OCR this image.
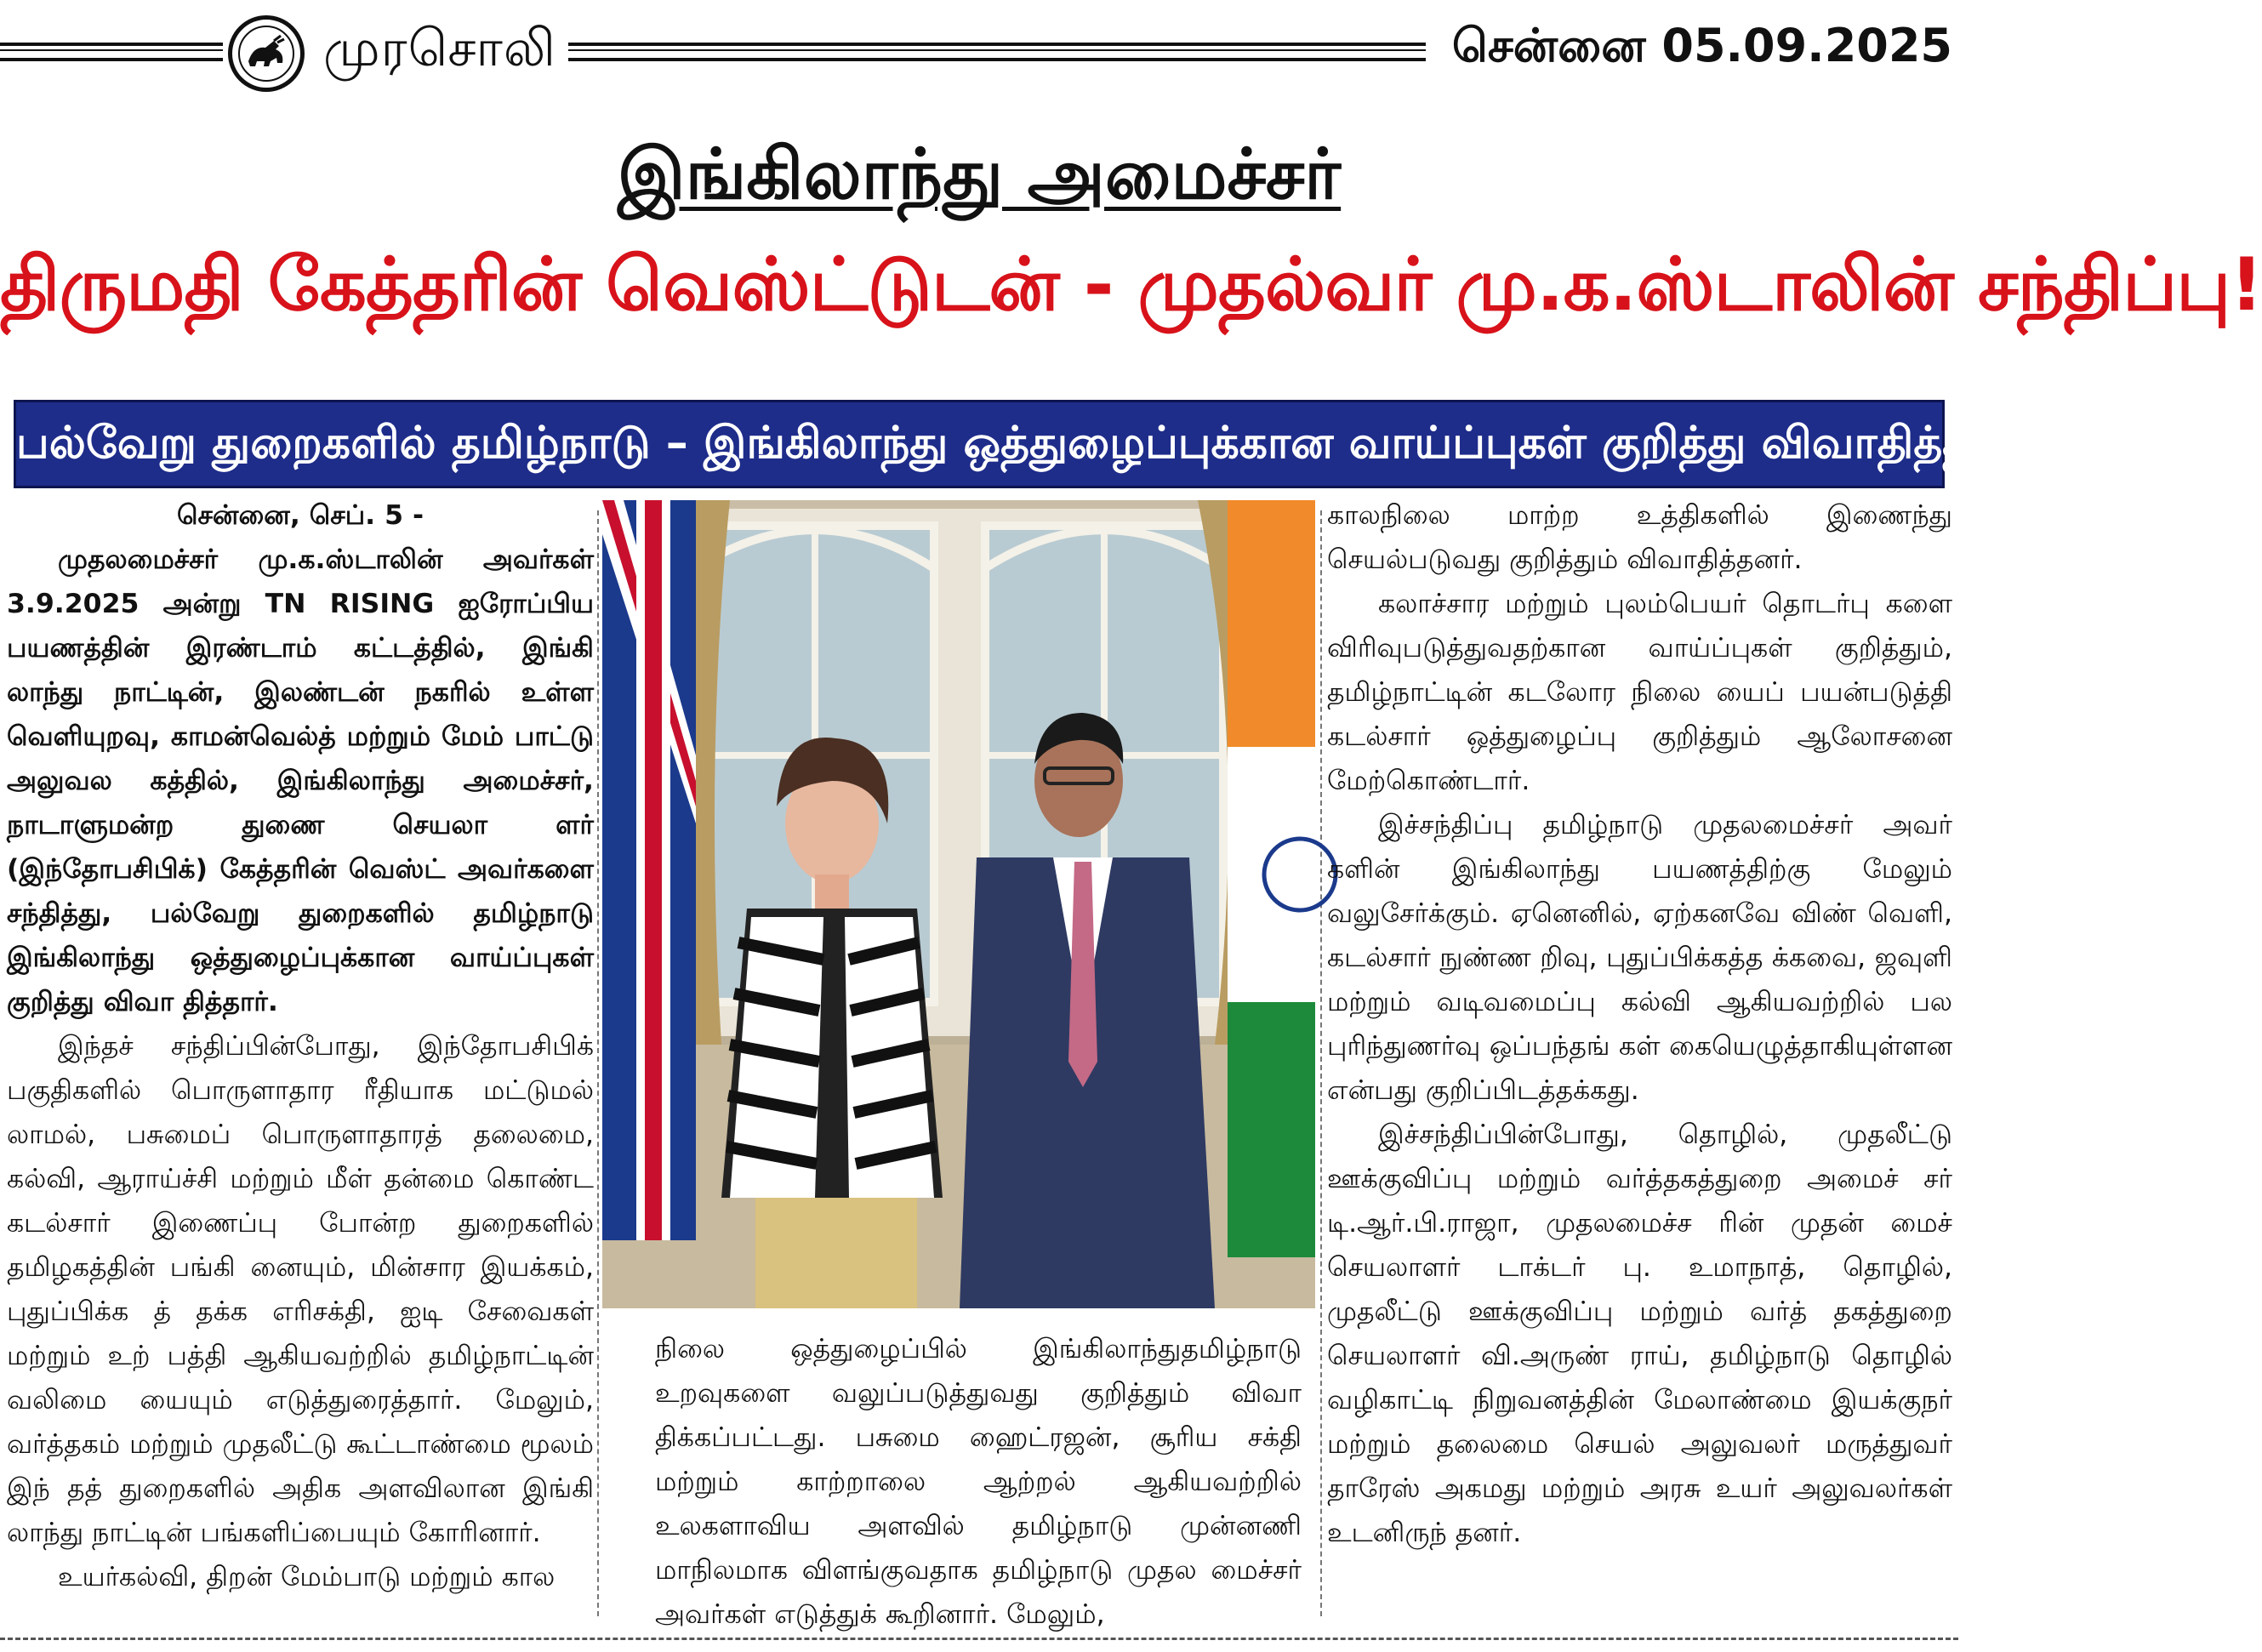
முரசொலி	சென்னை 05.09.2025
இங்கிலாந்து அமைச்சர்
திருமதி கேத்தரின் வெஸ்ட்டுடன் - முதல்வர் மு.க.ஸ்டாலின் சந்திப்பு!
பல்வேறு துறைகளில் தமிழ்நாடு – இங்கிலாந்து ஒத்துழைப்புக்கான வாய்ப்புகள் குறித்து விவாதித்தார்!

சென்னை, செப். 5 -

முதலமைச்சர் மு.க.ஸ்டாலின் அவர்கள் 3.9.2025 அன்று TN RISING ஐரோப்பிய பயணத்தின் இரண்டாம் கட்டத்தில், இங்கி லாந்து நாட்டின், இலண்டன் நகரில் உள்ள வெளியுறவு, காமன்வெல்த் மற்றும் மேம் பாட்டு அலுவல கத்தில், இங்கிலாந்து அமைச்சர், நாடாளுமன்ற துணை செயலா ளர் (இந்தோபசிபிக்) கேத்தரின் வெஸ்ட் அவர்களை சந்தித்து, பல்வேறு துறைகளில் தமிழ்நாடு இங்கிலாந்து ஒத்துழைப்புக்கான வாய்ப்புகள் குறித்து விவா தித்தார்.

இந்தச் சந்திப்பின்போது, இந்தோபசிபிக் பகுதிகளில் பொருளாதார ரீதியாக மட்டுமல் லாமல், பசுமைப் பொருளாதாரத் தலைமை, கல்வி, ஆராய்ச்சி மற்றும் மீள் தன்மை கொண்ட கடல்சார் இணைப்பு போன்ற துறைகளில் தமிழகத்தின் பங்கி னையும், மின்சார இயக்கம், புதுப்பிக்க த் தக்க எரிசக்தி, ஐடி சேவைகள் மற்றும் உற் பத்தி ஆகியவற்றில் தமிழ்நாட்டின் வலிமை யையும் எடுத்துரைத்தார். மேலும், வர்த்தகம் மற்றும் முதலீட்டு கூட்டாண்மை மூலம் இந் தத் துறைகளில் அதிக அளவிலான இங்கி லாந்து நாட்டின் பங்களிப்பையும் கோரினார்.

உயர்கல்வி, திறன் மேம்பாடு மற்றும் கால

நிலை ஒத்துழைப்பில் இங்கிலாந்துதமிழ்நாடு உறவுகளை வலுப்படுத்துவது குறித்தும் விவா திக்கப்பட்டது. பசுமை ஹைட்ரஜன், சூரிய சக்தி மற்றும் காற்றாலை ஆற்றல் ஆகியவற்றில் உலகளாவிய அளவில் தமிழ்நாடு முன்னணி மாநிலமாக விளங்குவதாக தமிழ்நாடு முதல மைச்சர் அவர்கள் எடுத்துக் கூறினார். மேலும்,

காலநிலை மாற்ற உத்திகளில் இணைந்து செயல்படுவது குறித்தும் விவாதித்தனர்.

கலாச்சார மற்றும் புலம்பெயர் தொடர்பு களை விரிவுபடுத்துவதற்கான வாய்ப்புகள் குறித்தும், தமிழ்நாட்டின் கடலோர நிலை யைப் பயன்படுத்தி கடல்சார் ஒத்துழைப்பு குறித்தும் ஆலோசனை மேற்கொண்டார்.

இச்சந்திப்பு தமிழ்நாடு முதலமைச்சர் அவர் களின் இங்கிலாந்து பயணத்திற்கு மேலும் வலுசேர்க்கும். ஏனெனில், ஏற்கனவே விண் வெளி, கடல்சார் நுண்ண றிவு, புதுப்பிக்கத்த க்கவை, ஜவுளி மற்றும் வடிவமைப்பு கல்வி ஆகியவற்றில் பல புரிந்துணர்வு ஒப்பந்தங் கள் கையெழுத்தாகியுள்ளன என்பது குறிப்பிடத்தக்கது.

இச்சந்திப்பின்போது, தொழில், முதலீட்டு ஊக்குவிப்பு மற்றும் வர்த்தகத்துறை அமைச் சர் டி.ஆர்.பி.ராஜா, முதலமைச்ச ரின் முதன் மைச் செயலாளர் டாக்டர் பு. உமாநாத், தொழில், முதலீட்டு ஊக்குவிப்பு மற்றும் வர்த் தகத்துறை செயலாளர் வி.அருண் ராய், தமிழ்நாடு தொழில் வழிகாட்டி நிறுவனத்தின் மேலாண்மை இயக்குநர் மற்றும் தலைமை செயல் அலுவலர் மருத்துவர் தாரேஸ் அகமது மற்றும் அரசு உயர் அலுவலர்கள் உடனிருந் தனர்.
